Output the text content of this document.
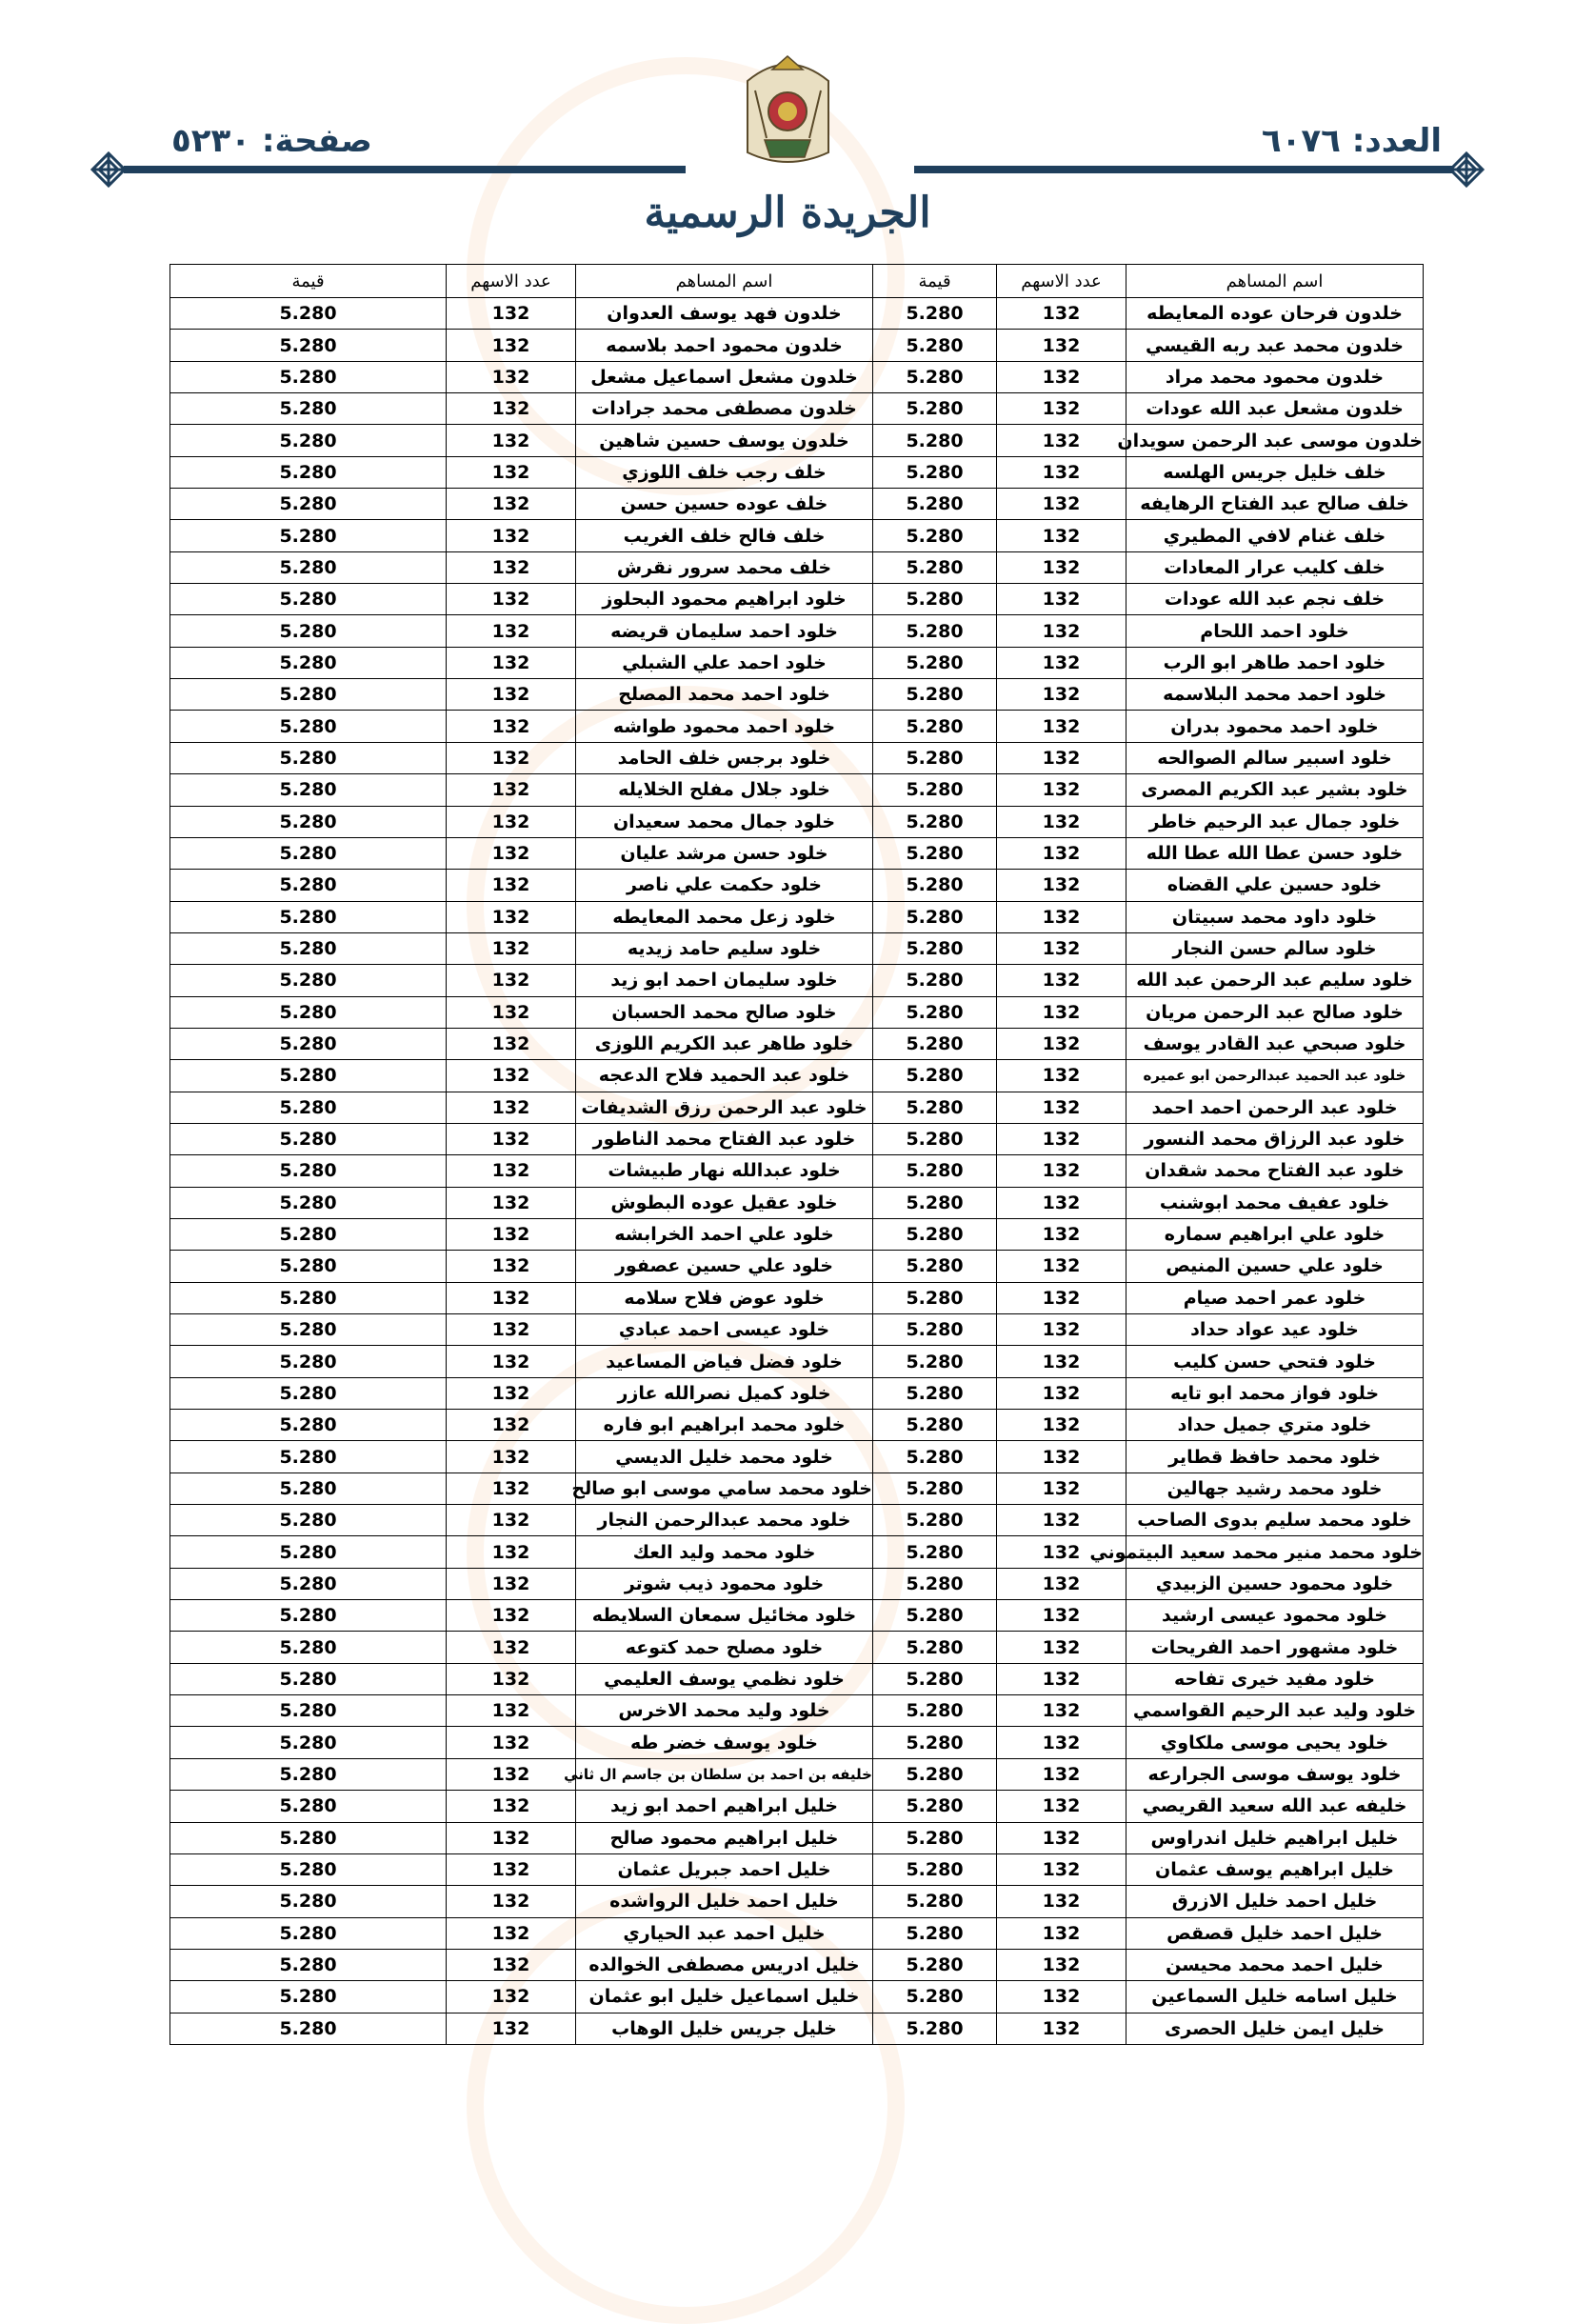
العدد: ٦٠٧٦
صفحة: ٥٢٣٠
الجريدة الرسمية
اسم المساهم	عدد الاسهم	قيمة	اسم المساهم	عدد الاسهم	قيمة
خلدون فرحان عوده المعايطه	132	5.280	خلدون فهد يوسف العدوان	132	5.280
خلدون محمد عبد ربه القيسي	132	5.280	خلدون محمود احمد بلاسمه	132	5.280
خلدون محمود محمد مراد	132	5.280	خلدون مشعل اسماعيل مشعل	132	5.280
خلدون مشعل عبد الله عودات	132	5.280	خلدون مصطفى محمد جرادات	132	5.280
خلدون موسى عبد الرحمن سويدان	132	5.280	خلدون يوسف حسين شاهين	132	5.280
خلف خليل جريس الهلسه	132	5.280	خلف رجب خلف اللوزي	132	5.280
خلف صالح عبد الفتاح الرهايفه	132	5.280	خلف عوده حسين حسن	132	5.280
خلف غنام لافي المطيري	132	5.280	خلف فالح خلف الغريب	132	5.280
خلف كليب عرار المعادات	132	5.280	خلف محمد سرور نقرش	132	5.280
خلف نجم عبد الله عودات	132	5.280	خلود ابراهيم محمود البحلوز	132	5.280
خلود احمد اللحام	132	5.280	خلود احمد سليمان قريضه	132	5.280
خلود احمد طاهر ابو الرب	132	5.280	خلود احمد علي الشبلي	132	5.280
خلود احمد محمد البلاسمه	132	5.280	خلود احمد محمد المصلح	132	5.280
خلود احمد محمود بدران	132	5.280	خلود احمد محمود طواشه	132	5.280
خلود اسبير سالم الصوالحه	132	5.280	خلود برجس خلف الحامد	132	5.280
خلود بشير عبد الكريم المصرى	132	5.280	خلود جلال مفلح الخلايله	132	5.280
خلود جمال عبد الرحيم خاطر	132	5.280	خلود جمال محمد سعيدان	132	5.280
خلود حسن عطا الله عطا الله	132	5.280	خلود حسن مرشد عليان	132	5.280
خلود حسين علي القضاه	132	5.280	خلود حكمت علي ناصر	132	5.280
خلود داود محمد سبيتان	132	5.280	خلود زعل محمد المعايطه	132	5.280
خلود سالم حسن النجار	132	5.280	خلود سليم حامد زيديه	132	5.280
خلود سليم عبد الرحمن عبد الله	132	5.280	خلود سليمان احمد ابو زيد	132	5.280
خلود صالح عبد الرحمن مريان	132	5.280	خلود صالح محمد الحسبان	132	5.280
خلود صبحي عبد القادر يوسف	132	5.280	خلود طاهر عبد الكريم اللوزى	132	5.280
خلود عبد الحميد عبدالرحمن ابو عميره	132	5.280	خلود عبد الحميد فلاح الدعجه	132	5.280
خلود عبد الرحمن احمد احمد	132	5.280	خلود عبد الرحمن رزق الشديفات	132	5.280
خلود عبد الرزاق محمد النسور	132	5.280	خلود عبد الفتاح محمد الناطور	132	5.280
خلود عبد الفتاح محمد شقدان	132	5.280	خلود عبدالله نهار طبيشات	132	5.280
خلود عفيف محمد ابوشنب	132	5.280	خلود عقيل عوده البطوش	132	5.280
خلود علي ابراهيم سماره	132	5.280	خلود علي احمد الخرابشه	132	5.280
خلود علي حسين المنيص	132	5.280	خلود علي حسين عصفور	132	5.280
خلود عمر احمد صيام	132	5.280	خلود عوض فلاح سلامه	132	5.280
خلود عيد عواد حداد	132	5.280	خلود عيسى احمد عبادي	132	5.280
خلود فتحي حسن كليب	132	5.280	خلود فضل فياض المساعيد	132	5.280
خلود فواز محمد ابو تايه	132	5.280	خلود كميل نصرالله عازر	132	5.280
خلود متري جميل حداد	132	5.280	خلود محمد ابراهيم ابو فاره	132	5.280
خلود محمد حافظ قطاير	132	5.280	خلود محمد خليل الديسي	132	5.280
خلود محمد رشيد جهالين	132	5.280	خلود محمد سامي موسى ابو صالح	132	5.280
خلود محمد سليم بدوى الصاحب	132	5.280	خلود محمد عبدالرحمن النجار	132	5.280
خلود محمد منير محمد سعيد البيتموني	132	5.280	خلود محمد وليد العك	132	5.280
خلود محمود حسين الزبيدي	132	5.280	خلود محمود ذيب شوتر	132	5.280
خلود محمود عيسى ارشيد	132	5.280	خلود مخائيل سمعان السلايطه	132	5.280
خلود مشهور احمد الفريحات	132	5.280	خلود مصلح حمد كتوعه	132	5.280
خلود مفيد خيرى تفاحه	132	5.280	خلود نظمي يوسف العليمي	132	5.280
خلود وليد عبد الرحيم القواسمي	132	5.280	خلود وليد محمد الاخرس	132	5.280
خلود يحيى موسى ملكاوي	132	5.280	خلود يوسف خضر طه	132	5.280
خلود يوسف موسى الجرارعه	132	5.280	خليفه بن احمد بن سلطان بن جاسم ال ثاني	132	5.280
خليفه عبد الله سعيد القريصي	132	5.280	خليل ابراهيم احمد ابو زيد	132	5.280
خليل ابراهيم خليل اندراوس	132	5.280	خليل ابراهيم محمود صالح	132	5.280
خليل ابراهيم يوسف عثمان	132	5.280	خليل احمد جبريل عثمان	132	5.280
خليل احمد خليل الازرق	132	5.280	خليل احمد خليل الرواشده	132	5.280
خليل احمد خليل قصقص	132	5.280	خليل احمد عبد الحياري	132	5.280
خليل احمد محمد محيسن	132	5.280	خليل ادريس مصطفى الخوالده	132	5.280
خليل اسامه خليل السماعين	132	5.280	خليل اسماعيل خليل ابو عثمان	132	5.280
خليل ايمن خليل الحصرى	132	5.280	خليل جريس خليل الوهاب	132	5.280
